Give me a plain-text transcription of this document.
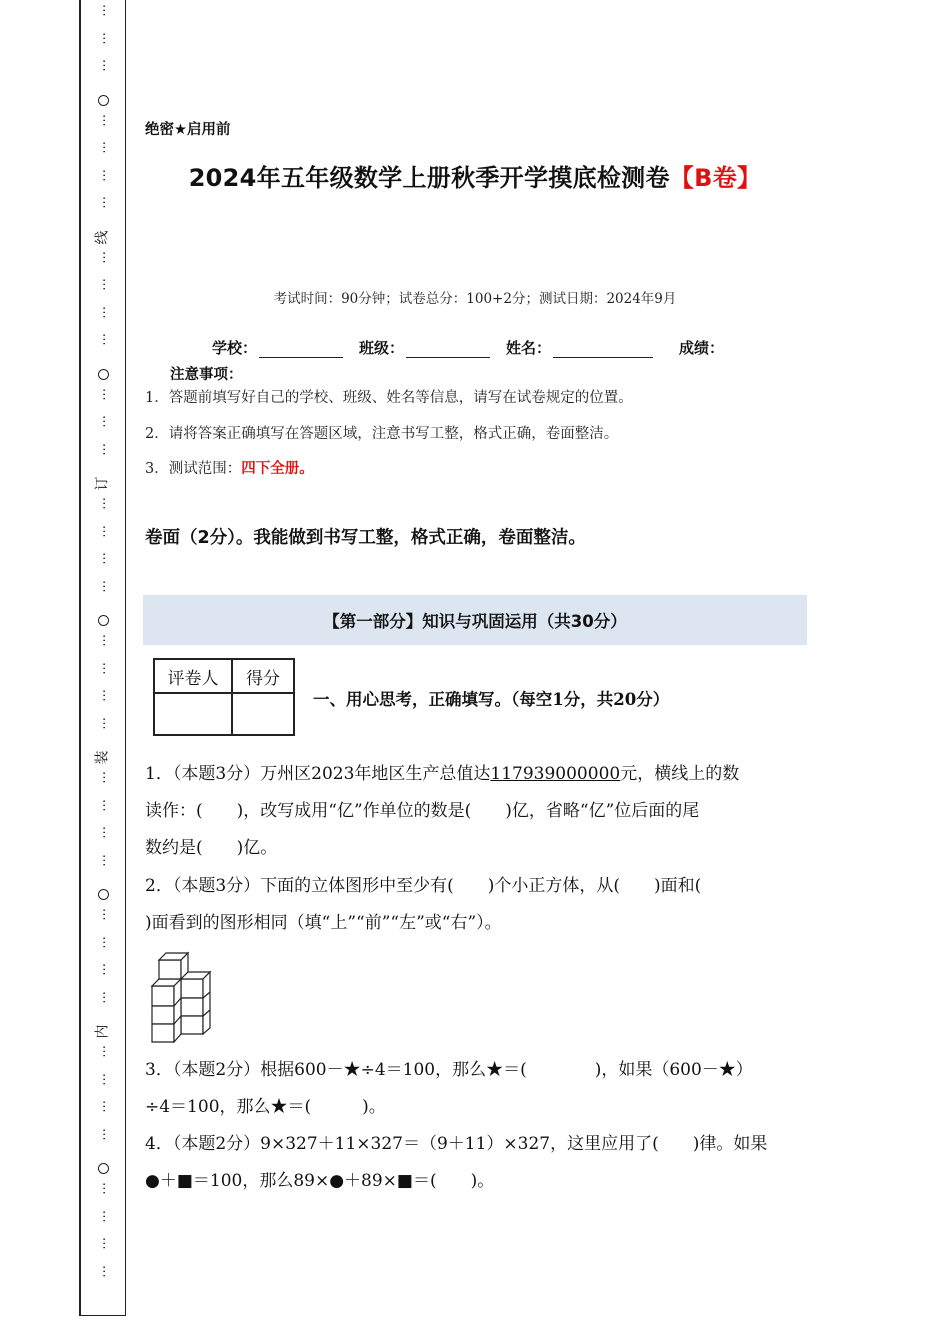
⋯
⋯
⋯
⋯
⋯
⋯
⋯
线
⋯
⋯
⋯
⋯
⋯
⋯
⋯
订
⋯
⋯
⋯
⋯
⋯
⋯
⋯
⋯
装
⋯
⋯
⋯
⋯
⋯
⋯
⋯
⋯
内
⋯
⋯
⋯
⋯
⋯
⋯
⋯
⋯
绝密★启用前
2024年五年级数学上册秋季开学摸底检测卷【B卷】
考试时间：90分钟；试卷总分：100+2分；测试日期：2024年9月
学校：	班级：	姓名：	成绩：
注意事项：
1．答题前填写好自己的学校、班级、姓名等信息，请写在试卷规定的位置。
2．请将答案正确填写在答题区域，注意书写工整，格式正确，卷面整洁。
3．测试范围：四下全册。
卷面（2分）。我能做到书写工整，格式正确，卷面整洁。
【第一部分】知识与巩固运用（共30分）
评卷人	得分

一、用心思考，正确填写。（每空1分，共20分）
1．（本题3分）万州区2023年地区生产总值达117939000000元，横线上的数
读作：(　　)，改写成用“亿”作单位的数是(　　)亿，省略“亿”位后面的尾
数约是(　　)亿。
2．（本题3分）下面的立体图形中至少有(　　)个小正方体，从(　　)面和(
)面看到的图形相同（填“上”“前”“左”或“右”）。
3．（本题2分）根据600－★÷4＝100，那么★＝(　　　　)，如果（600－★）
÷4＝100，那么★＝(　　　)。
4．（本题2分）9×327＋11×327＝（9＋11）×327，这里应用了(　　)律。如果
●＋■＝100，那么89×●＋89×■＝(　　)。
